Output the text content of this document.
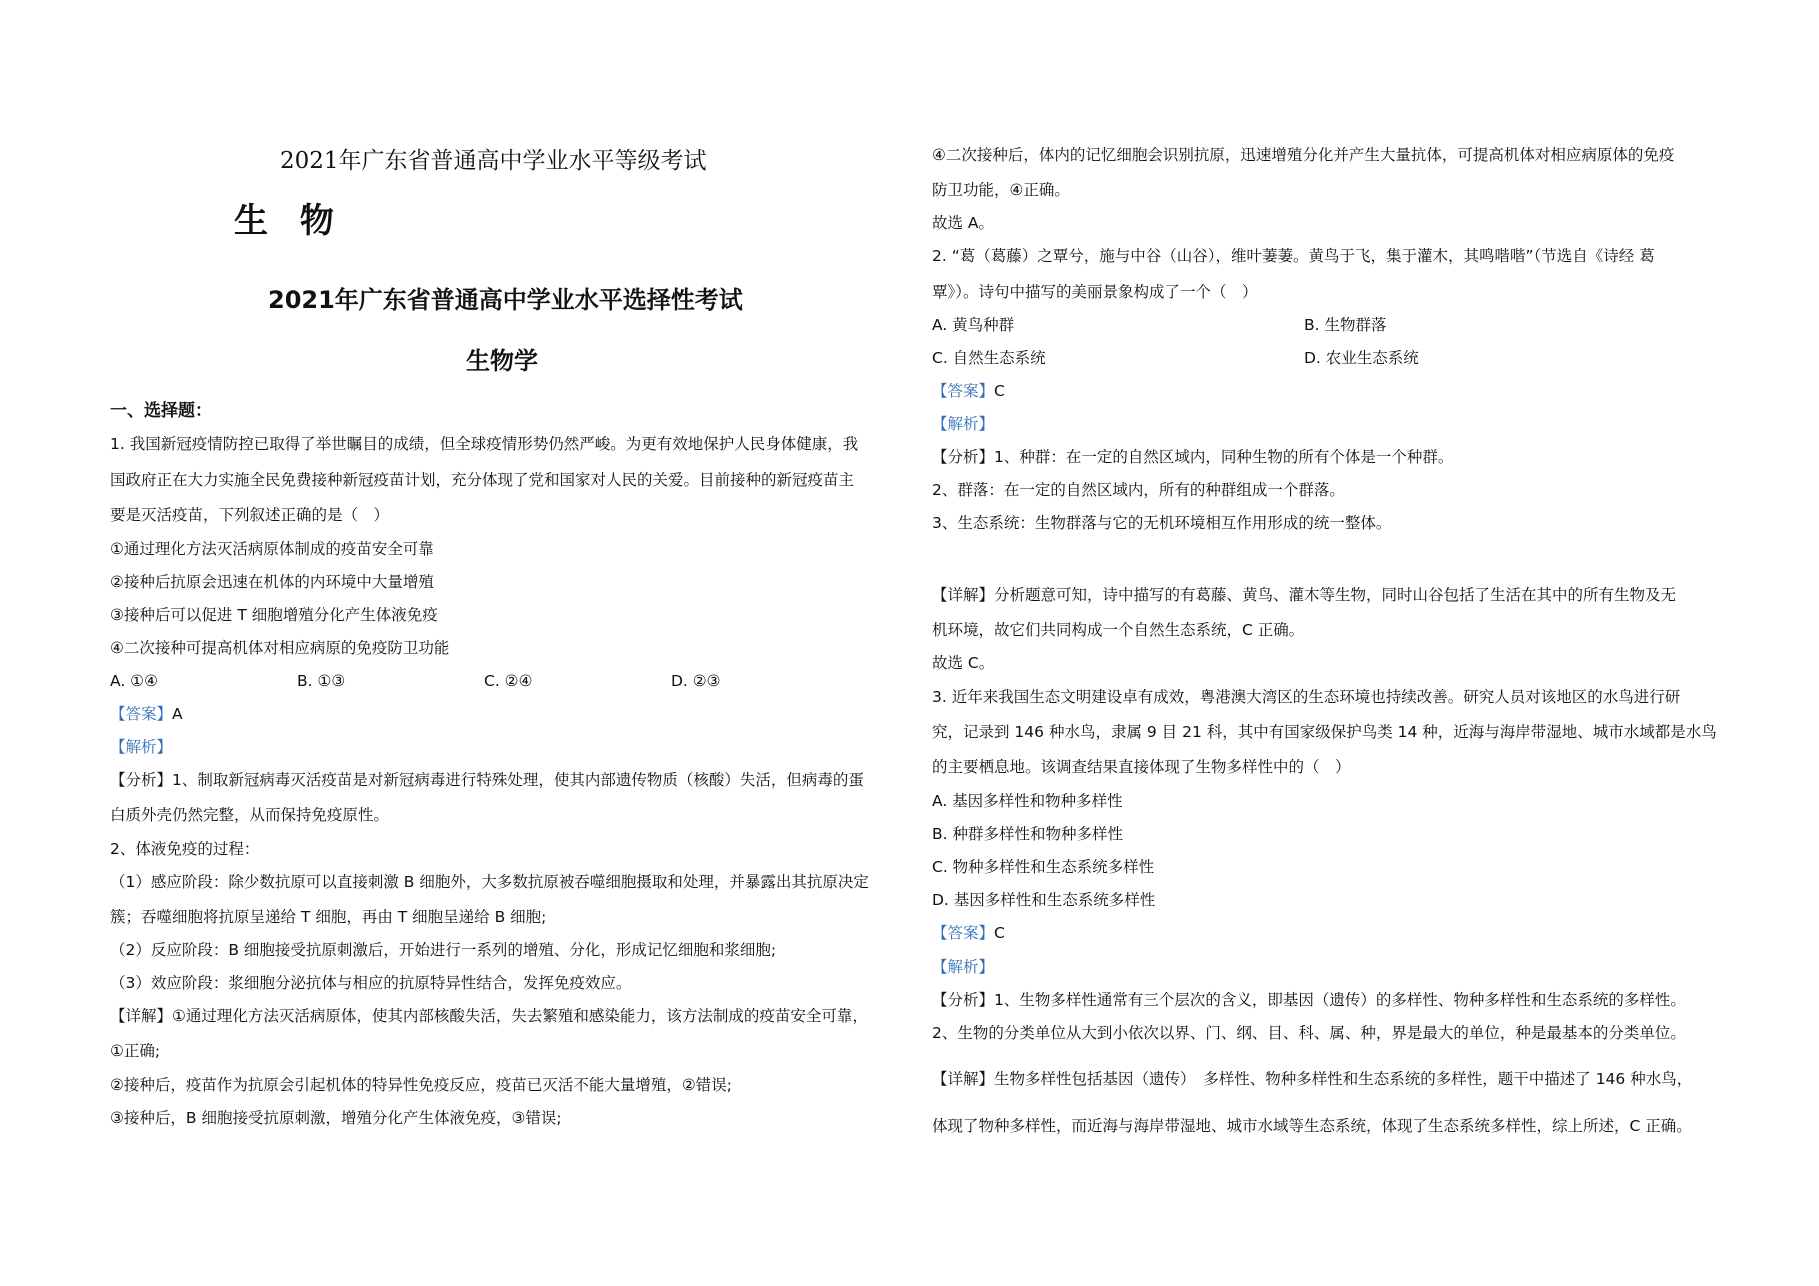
2021年广东省普通高中学业水平等级考试
生 物
2021年广东省普通高中学业水平选择性考试
生物学
一、选择题：
1. 我国新冠疫情防控已取得了举世瞩目的成绩，但全球疫情形势仍然严峻。为更有效地保护人民身体健康，我
国政府正在大力实施全民免费接种新冠疫苗计划，充分体现了党和国家对人民的关爱。目前接种的新冠疫苗主
要是灭活疫苗，下列叙述正确的是（　）
①通过理化方法灭活病原体制成的疫苗安全可靠
②接种后抗原会迅速在机体的内环境中大量增殖
③接种后可以促进 T 细胞增殖分化产生体液免疫
④二次接种可提高机体对相应病原的免疫防卫功能
A. ①④	B. ①③	C. ②④	D. ②③
【答案】A
【解析】
【分析】1、制取新冠病毒灭活疫苗是对新冠病毒进行特殊处理，使其内部遗传物质（核酸）失活，但病毒的蛋
白质外壳仍然完整，从而保持免疫原性。
2、体液免疫的过程：
（1）感应阶段：除少数抗原可以直接刺激 B 细胞外，大多数抗原被吞噬细胞摄取和处理，并暴露出其抗原决定
簇；吞噬细胞将抗原呈递给 T 细胞，再由 T 细胞呈递给 B 细胞;
（2）反应阶段：B 细胞接受抗原刺激后，开始进行一系列的增殖、分化，形成记忆细胞和浆细胞;
（3）效应阶段：浆细胞分泌抗体与相应的抗原特异性结合，发挥免疫效应。
【详解】①通过理化方法灭活病原体，使其内部核酸失活，失去繁殖和感染能力，该方法制成的疫苗安全可靠，
①正确;
②接种后，疫苗作为抗原会引起机体的特异性免疫反应，疫苗已灭活不能大量增殖，②错误;
③接种后，B 细胞接受抗原刺激，增殖分化产生体液免疫，③错误;
④二次接种后，体内的记忆细胞会识别抗原，迅速增殖分化并产生大量抗体，可提高机体对相应病原体的免疫
防卫功能，④正确。
故选 A。
2. “葛（葛藤）之覃兮，施与中谷（山谷），维叶萋萋。黄鸟于飞，集于灌木，其鸣喈喈”（节选自《诗经 葛
覃》）。诗句中描写的美丽景象构成了一个（　）
A. 黄鸟种群	B. 生物群落
C. 自然生态系统	D. 农业生态系统
【答案】C
【解析】
【分析】1、种群：在一定的自然区域内，同种生物的所有个体是一个种群。
2、群落：在一定的自然区域内，所有的种群组成一个群落。
3、生态系统：生物群落与它的无机环境相互作用形成的统一整体。
【详解】分析题意可知，诗中描写的有葛藤、黄鸟、灌木等生物，同时山谷包括了生活在其中的所有生物及无
机环境，故它们共同构成一个自然生态系统，C 正确。
故选 C。
3. 近年来我国生态文明建设卓有成效，粤港澳大湾区的生态环境也持续改善。研究人员对该地区的水鸟进行研
究，记录到 146 种水鸟，隶属 9 目 21 科，其中有国家级保护鸟类 14 种，近海与海岸带湿地、城市水域都是水鸟
的主要栖息地。该调查结果直接体现了生物多样性中的（　）
A. 基因多样性和物种多样性
B. 种群多样性和物种多样性
C. 物种多样性和生态系统多样性
D. 基因多样性和生态系统多样性
【答案】C
【解析】
【分析】1、生物多样性通常有三个层次的含义，即基因（遗传）的多样性、物种多样性和生态系统的多样性。
2、生物的分类单位从大到小依次以界、门、纲、目、科、属、种，界是最大的单位，种是最基本的分类单位。
【详解】生物多样性包括基因（遗传）　多样性、物种多样性和生态系统的多样性，题干中描述了 146 种水鸟，
体现了物种多样性，而近海与海岸带湿地、城市水域等生态系统，体现了生态系统多样性，综上所述，C 正确。
